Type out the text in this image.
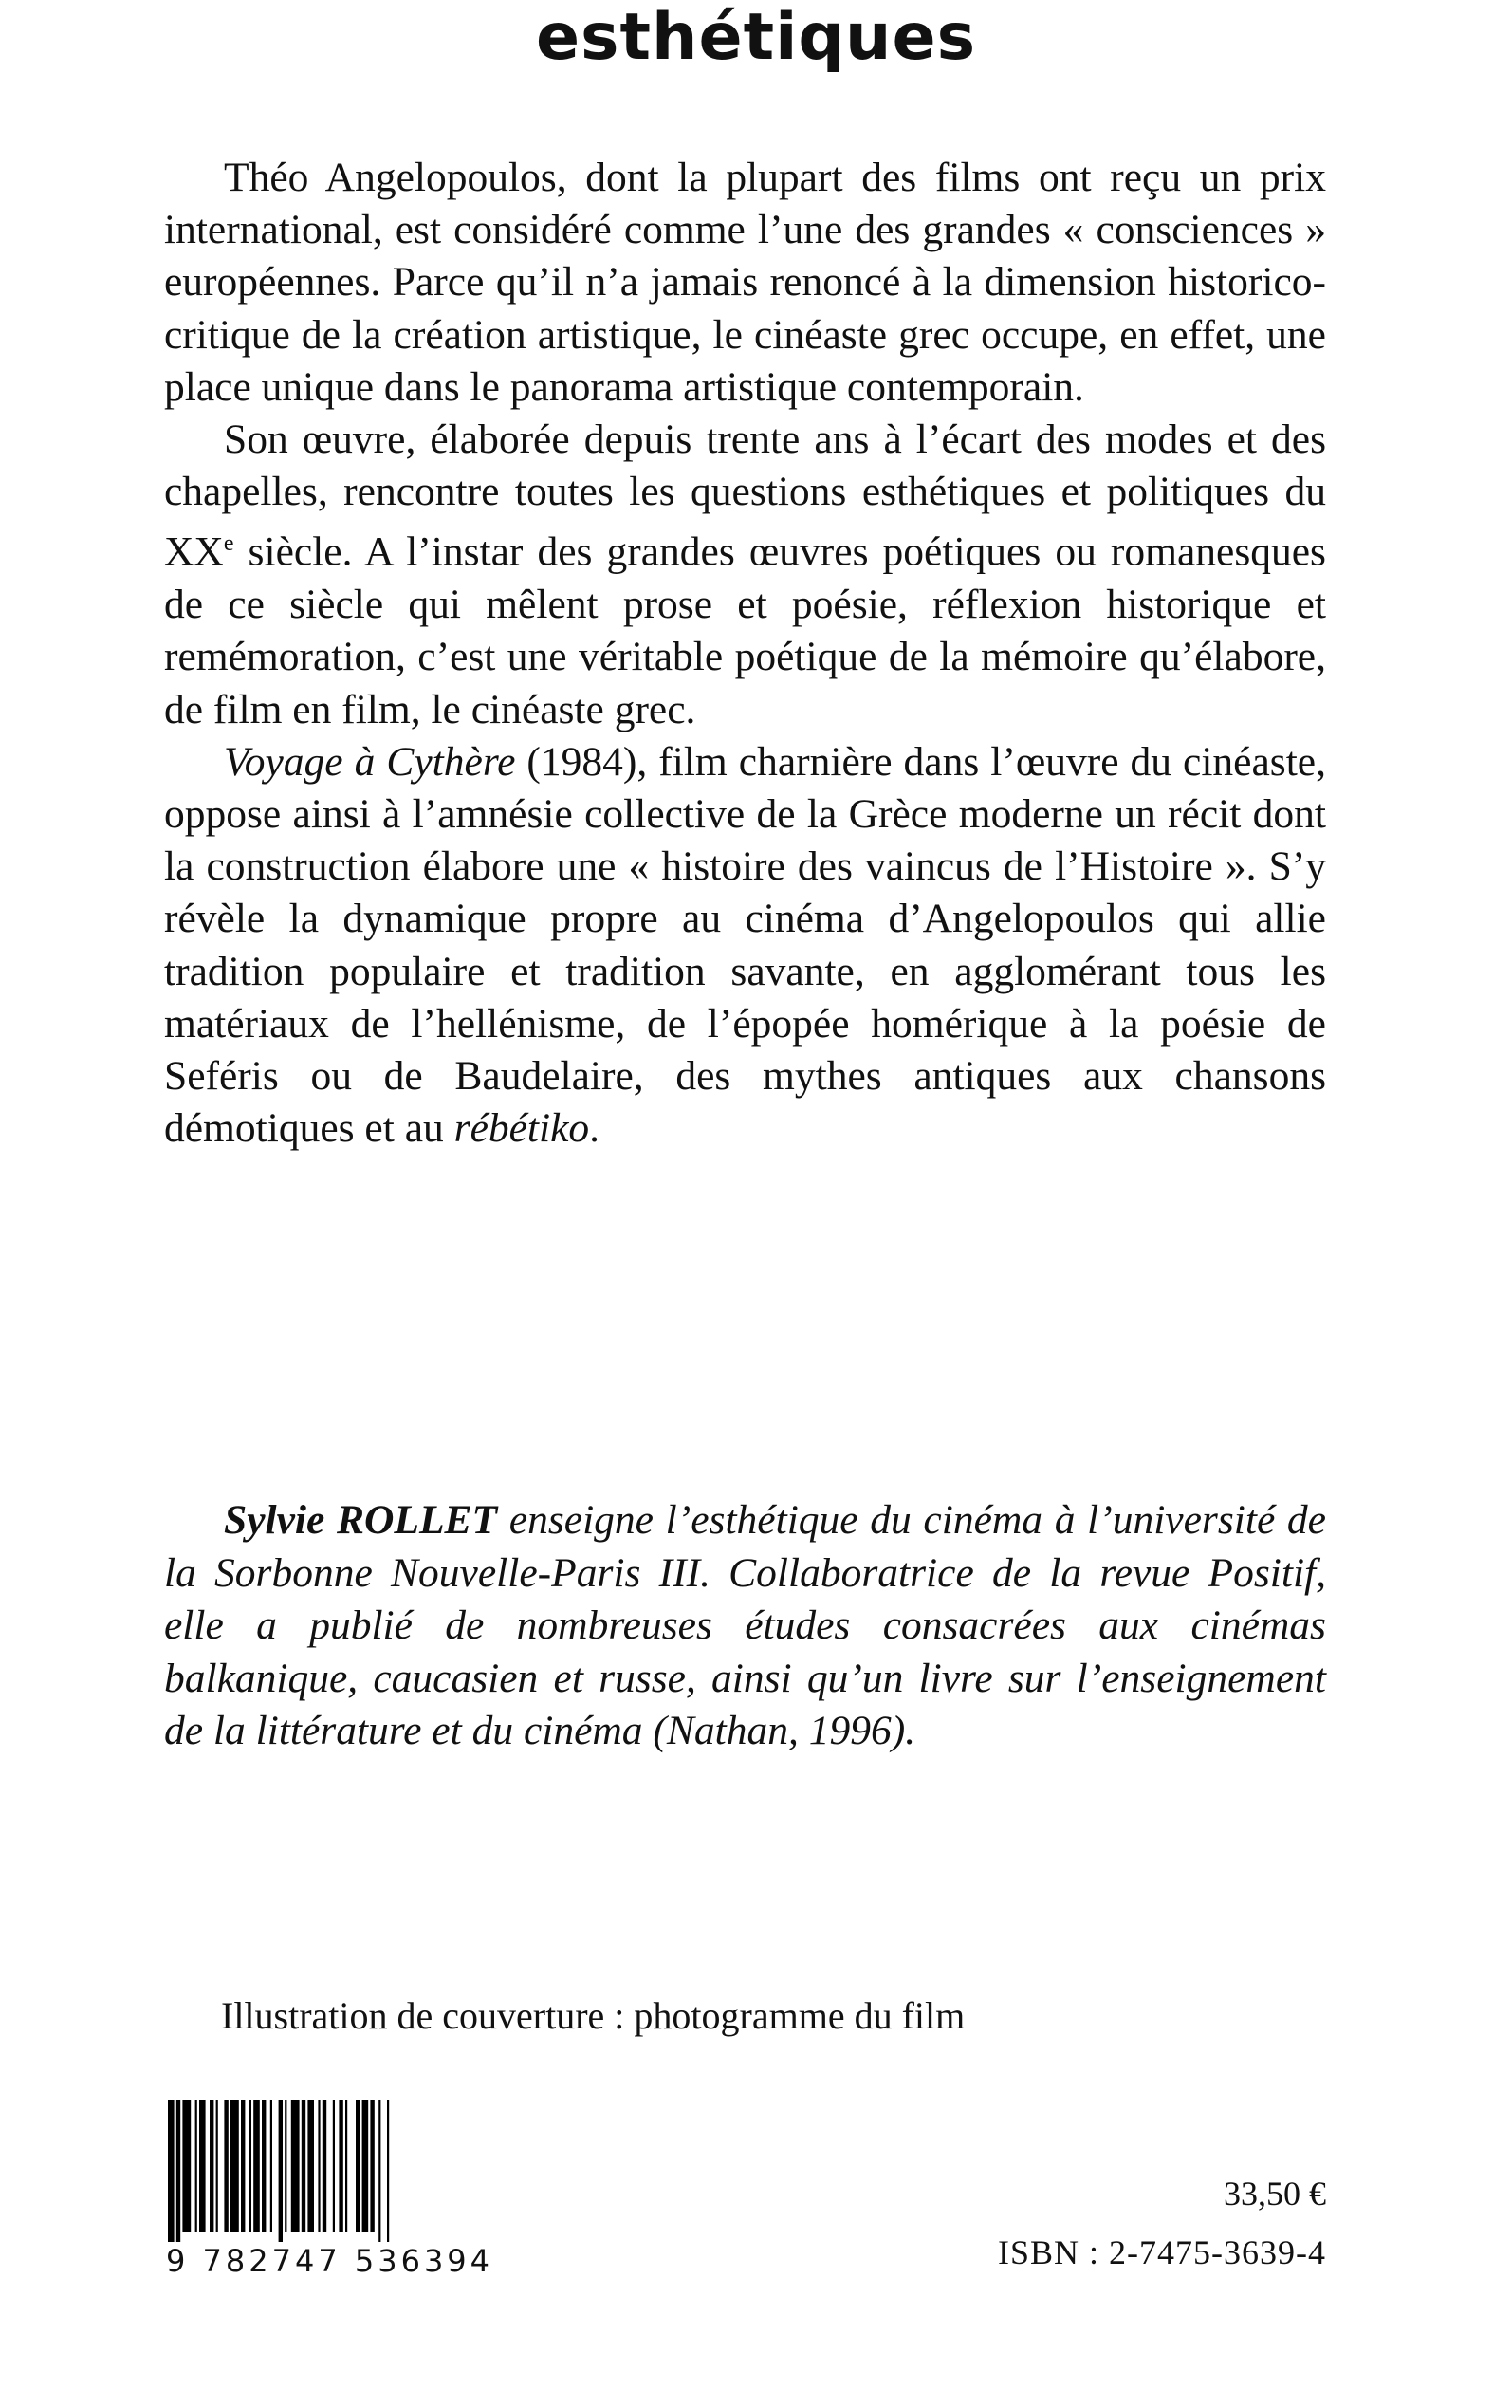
esthétiques

Théo Angelopoulos, dont la plupart des films ont reçu un prix international, est considéré comme l’une des grandes « consciences » européennes. Parce qu’il n’a jamais renoncé à la dimension historico-critique de la création artistique, le cinéaste grec occupe, en effet, une place unique dans le panorama artistique contemporain.

Son œuvre, élaborée depuis trente ans à l’écart des modes et des chapelles, rencontre toutes les questions esthétiques et politiques du XXe siècle. A l’instar des grandes œuvres poétiques ou romanesques de ce siècle qui mêlent prose et poésie, réflexion historique et remémoration, c’est une véritable poétique de la mémoire qu’élabore, de film en film, le cinéaste grec.

Voyage à Cythère (1984), film charnière dans l’œuvre du cinéaste, oppose ainsi à l’amnésie collective de la Grèce moderne un récit dont la construction élabore une « histoire des vaincus de l’Histoire ». S’y révèle la dynamique propre au cinéma d’Angelopoulos qui allie tradition populaire et tradition savante, en agglomérant tous les matériaux de l’hellénisme, de l’épopée homérique à la poésie de Seféris ou de Baudelaire, des mythes antiques aux chansons démotiques et au rébétiko.

Sylvie ROLLET enseigne l’esthétique du cinéma à l’université de la Sorbonne Nouvelle-Paris III. Collaboratrice de la revue Positif, elle a publié de nombreuses études consacrées aux cinémas balkanique, caucasien et russe, ainsi qu’un livre sur l’enseignement de la littérature et du cinéma (Nathan, 1996).

Illustration de couverture : photogramme du film
9 782747 536394
33,50 €
ISBN : 2-7475-3639-4
